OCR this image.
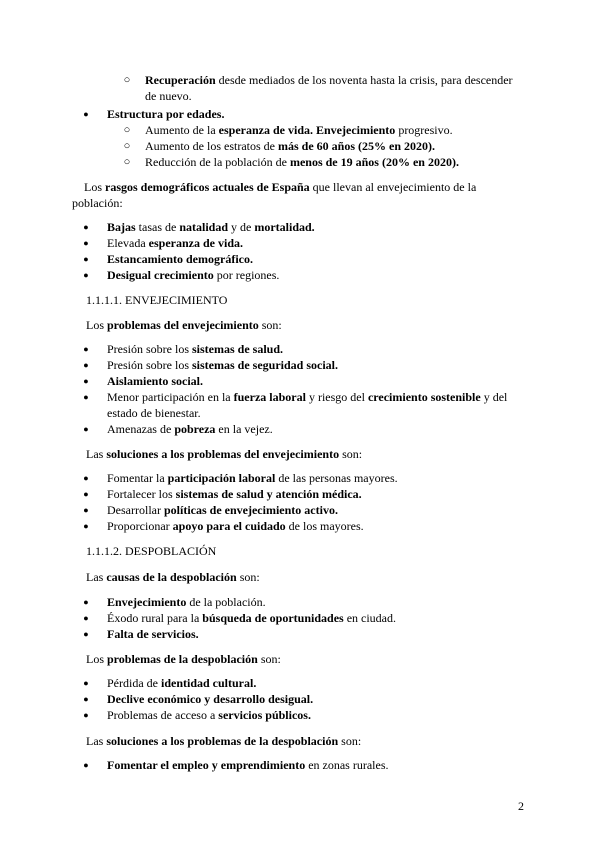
○ Recuperación desde mediados de los noventa hasta la crisis, para descender
de nuevo.
● Estructura por edades.
○ Aumento de la esperanza de vida. Envejecimiento progresivo.
○ Aumento de los estratos de más de 60 años (25% en 2020).
○ Reducción de la población de menos de 19 años (20% en 2020).
Los rasgos demográficos actuales de España que llevan al envejecimiento de la
población:
● Bajas tasas de natalidad y de mortalidad.
● Elevada esperanza de vida.
● Estancamiento demográfico.
● Desigual crecimiento por regiones.
1.1.1.1. ENVEJECIMIENTO
Los problemas del envejecimiento son:
● Presión sobre los sistemas de salud.
● Presión sobre los sistemas de seguridad social.
● Aislamiento social.
● Menor participación en la fuerza laboral y riesgo del crecimiento sostenible y del
estado de bienestar.
● Amenazas de pobreza en la vejez.
Las soluciones a los problemas del envejecimiento son:
● Fomentar la participación laboral de las personas mayores.
● Fortalecer los sistemas de salud y atención médica.
● Desarrollar políticas de envejecimiento activo.
● Proporcionar apoyo para el cuidado de los mayores.
1.1.1.2. DESPOBLACIÓN
Las causas de la despoblación son:
● Envejecimiento de la población.
● Éxodo rural para la búsqueda de oportunidades en ciudad.
● Falta de servicios.
Los problemas de la despoblación son:
● Pérdida de identidad cultural.
● Declive económico y desarrollo desigual.
● Problemas de acceso a servicios públicos.
Las soluciones a los problemas de la despoblación son:
● Fomentar el empleo y emprendimiento en zonas rurales.
2
